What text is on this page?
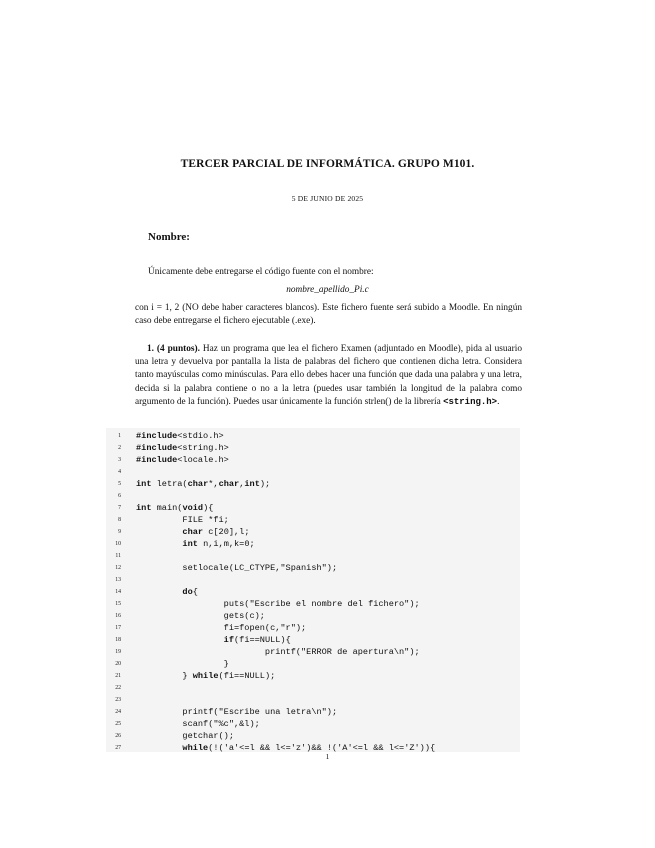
TERCER PARCIAL DE INFORMÁTICA. GRUPO M101.
5 DE JUNIO DE 2025
Nombre:
Únicamente debe entregarse el código fuente con el nombre:
nombre_apellido_Pi.c
con i = 1, 2 (NO debe haber caracteres blancos). Este fichero fuente será subido a Moodle. En ningún caso debe entregarse el fichero ejecutable (.exe).
1. (4 puntos). Haz un programa que lea el fichero Examen (adjuntado en Moodle), pida al usuario una letra y devuelva por pantalla la lista de palabras del fichero que contienen dicha letra. Considera tanto mayúsculas como minúsculas. Para ello debes hacer una función que dada una palabra y una letra, decida si la palabra contiene o no a la letra (puedes usar también la longitud de la palabra como argumento de la función). Puedes usar únicamente la función strlen() de la librería <string.h>.
1 #include<stdio.h>
2 #include<string.h>
3 #include<locale.h>
4
5 int letra(char*,char,int);
6
7 int main(void){
8 FILE *fi;
9	char c[20],l;
10	int n,i,m,k=0;
11
12 setlocale(LC_CTYPE,"Spanish");
13
14	do{
15 puts("Escribe el nombre del fichero");
16 gets(c);
17 fi=fopen(c,"r");
18	if(fi==NULL){
19 printf("ERROR de apertura\n");
20 }
21 } while(fi==NULL);
22
23
24 printf("Escribe una letra\n");
25 scanf("%c",&l);
26 getchar();
27	while(!('a'<=l && l<='z')&& !('A'<=l && l<='Z')){
1
